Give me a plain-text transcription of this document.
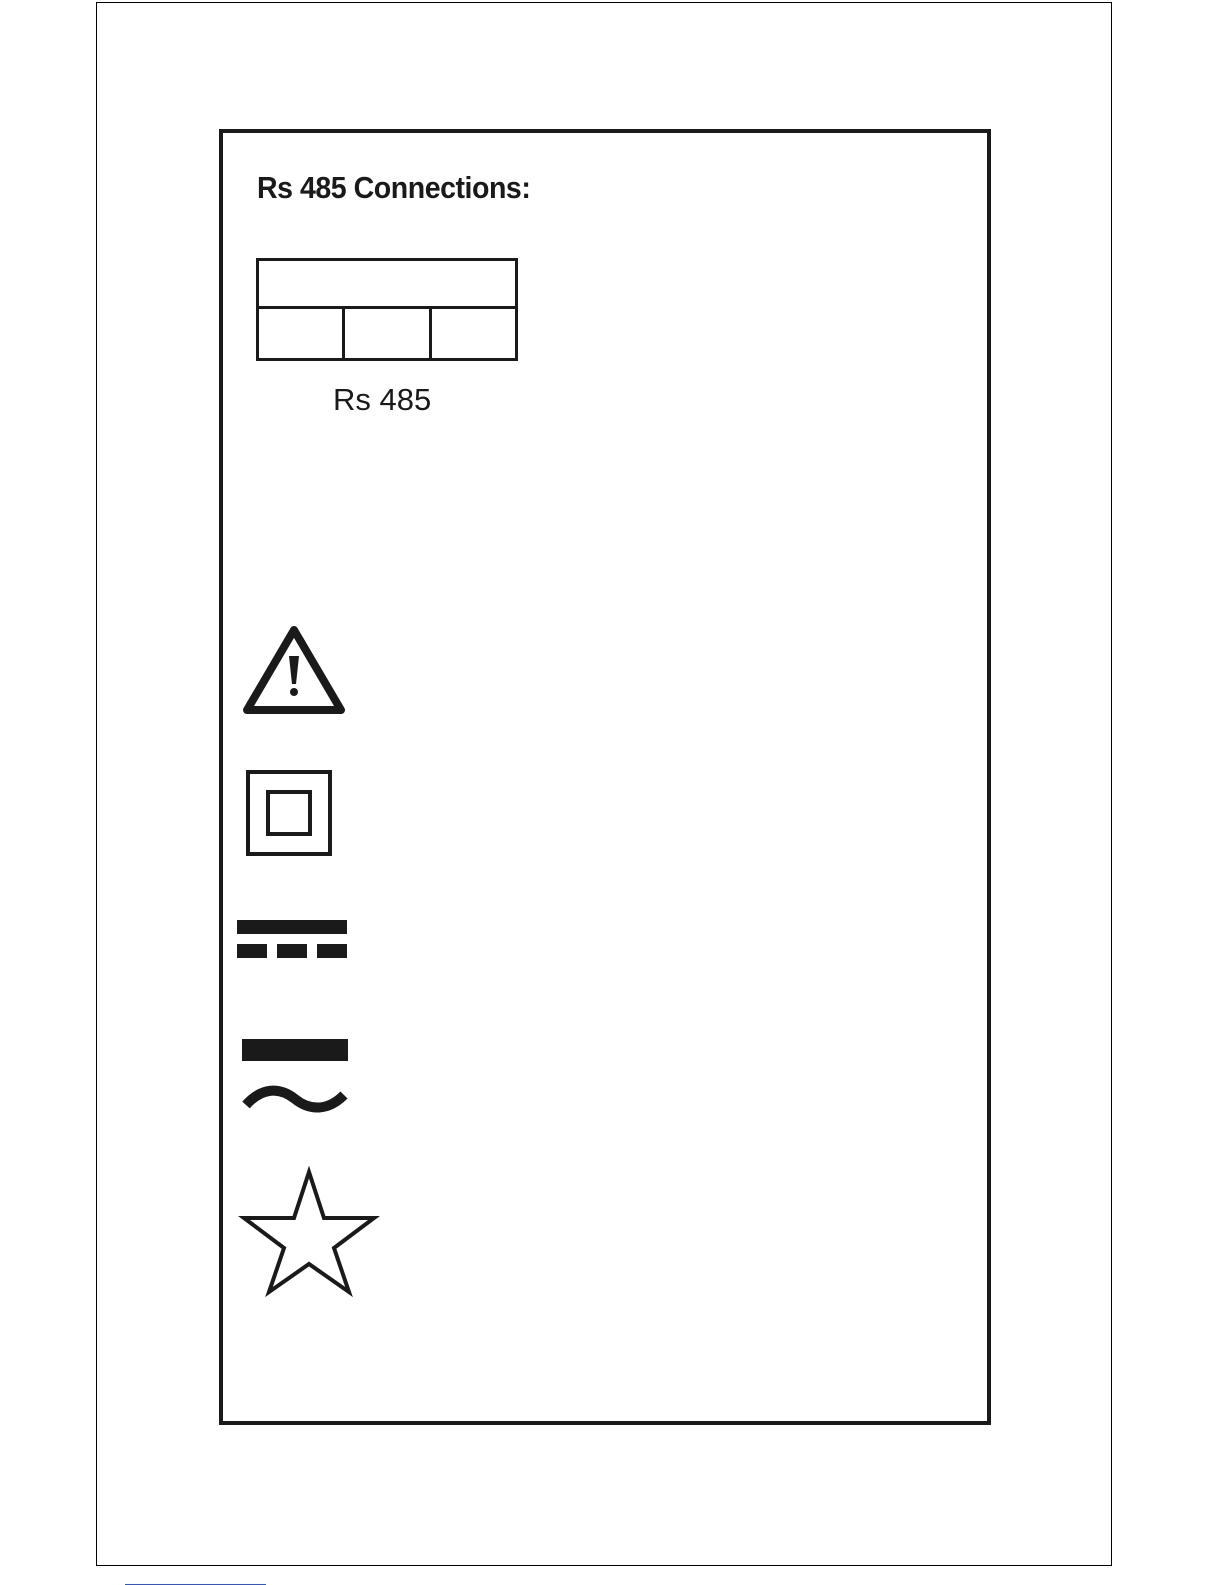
Rs 485 Connections:
Rs 485
